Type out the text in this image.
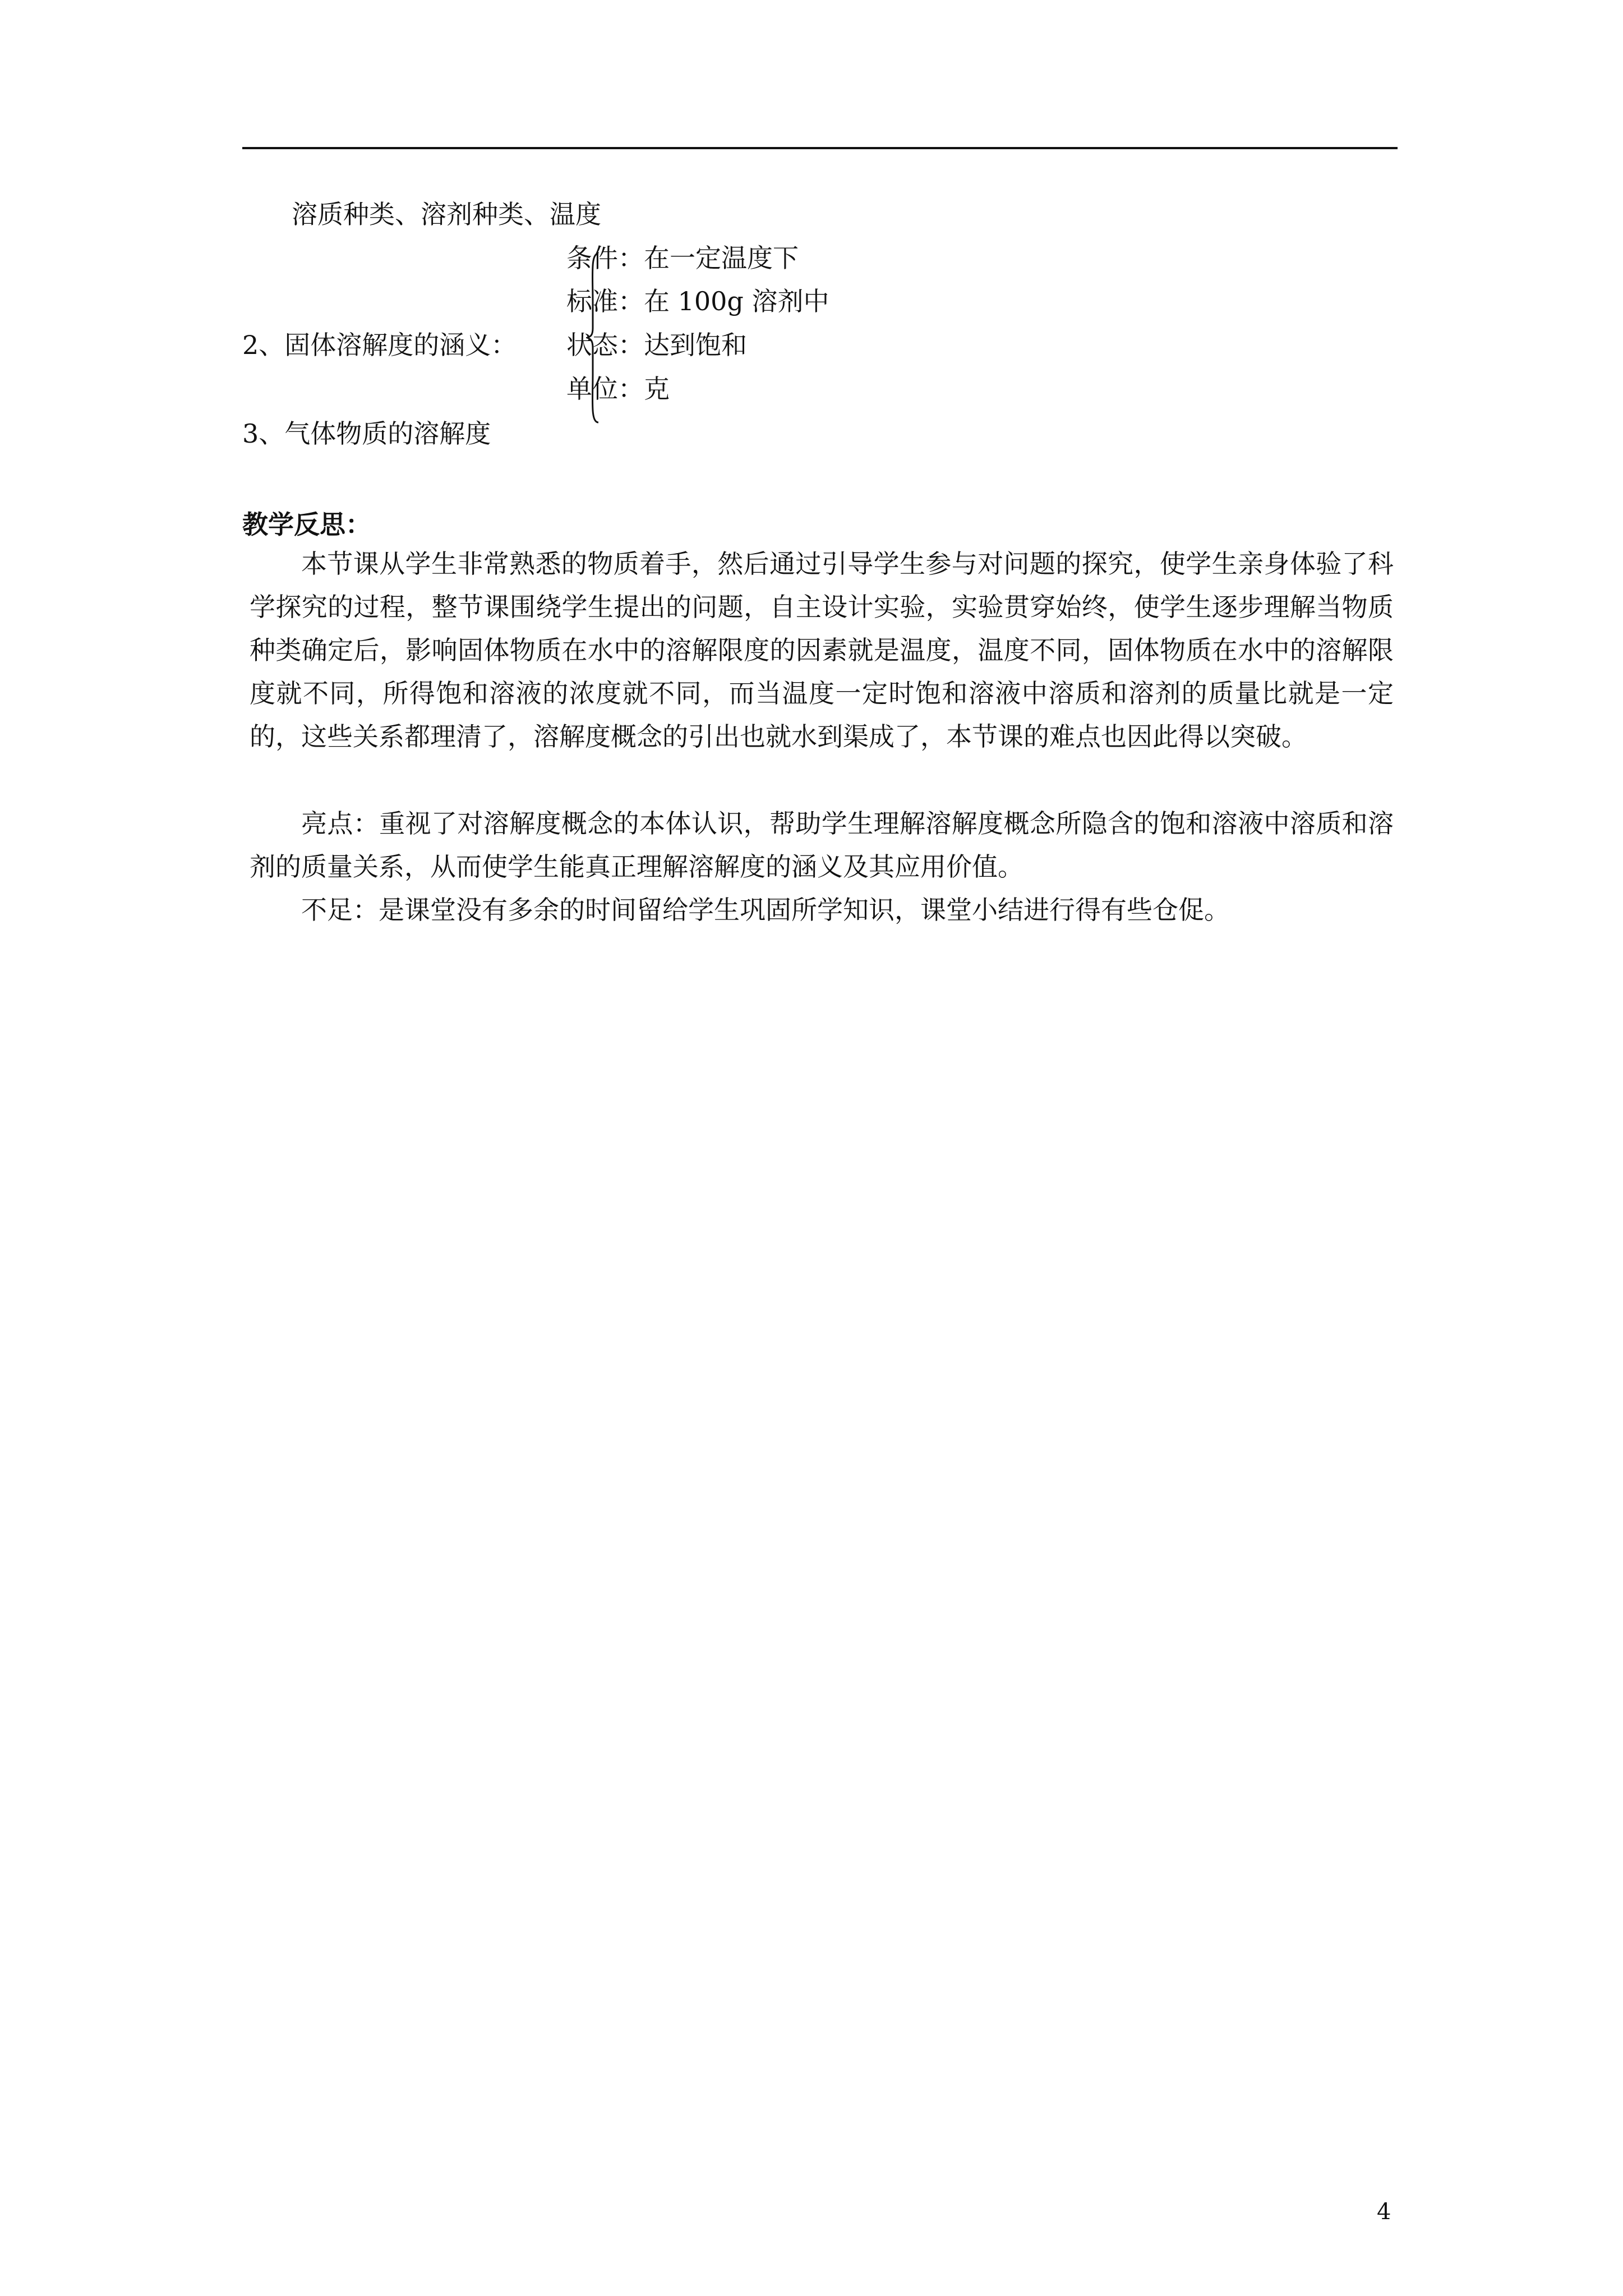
溶质种类、溶剂种类、温度
条件：在一定温度下
标准：在 100g 溶剂中
2、固体溶解度的涵义： 状态：达到饱和
单位：克
3、气体物质的溶解度
教学反思：

本节课从学生非常熟悉的物质着手，然后通过引导学生参与对问题的探究，使学生亲身体验了科学探究的过程，整节课围绕学生提出的问题，自主设计实验，实验贯穿始终，使学生逐步理解当物质种类确定后，影响固体物质在水中的溶解限度的因素就是温度，温度不同，固体物质在水中的溶解限度就不同，所得饱和溶液的浓度就不同，而当温度一定时饱和溶液中溶质和溶剂的质量比就是一定的，这些关系都理清了，溶解度概念的引出也就水到渠成了，本节课的难点也因此得以突破。

亮点：重视了对溶解度概念的本体认识，帮助学生理解溶解度概念所隐含的饱和溶液中溶质和溶剂的质量关系，从而使学生能真正理解溶解度的涵义及其应用价值。

不足：是课堂没有多余的时间留给学生巩固所学知识，课堂小结进行得有些仓促。

4
